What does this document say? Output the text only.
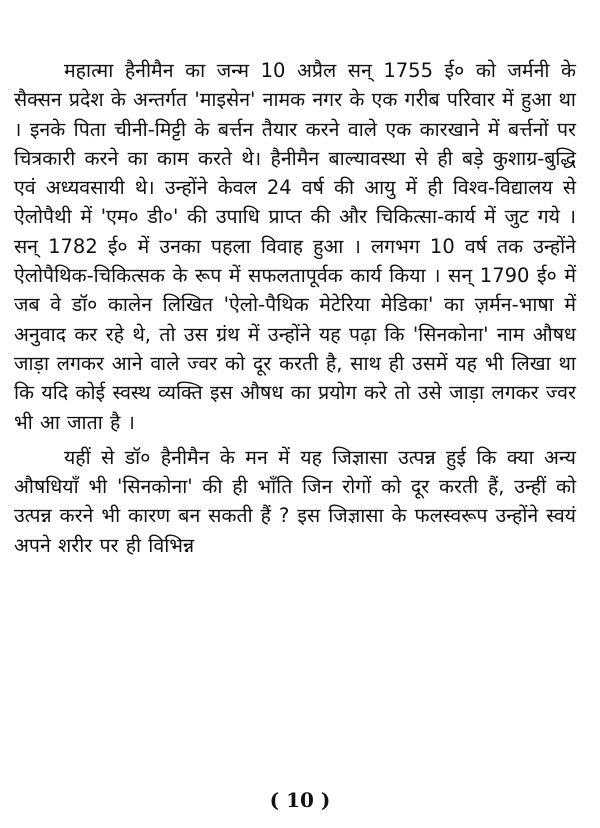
महात्मा हैनीमैन का जन्म 10 अप्रैल सन् 1755 ई० को जर्मनी के सैक्सन प्रदेश के अन्तर्गत 'माइसेन' नामक नगर के एक गरीब परिवार में हुआ था । इनके पिता चीनी-मिट्टी के बर्त्तन तैयार करने वाले एक कारखाने में बर्त्तनों पर चित्रकारी करने का काम करते थे। हैनीमैन बाल्यावस्था से ही बड़े कुशाग्र-बुद्धि एवं अध्यवसायी थे। उन्होंने केवल 24 वर्ष की आयु में ही विश्व-विद्यालय से ऐलोपैथी में 'एम० डी०' की उपाधि प्राप्त की और चिकित्सा-कार्य में जुट गये । सन् 1782 ई० में उनका पहला विवाह हुआ । लगभग 10 वर्ष तक उन्होंने ऐलोपैथिक-चिकित्सक के रूप में सफलतापूर्वक कार्य किया । सन् 1790 ई० में जब वे डॉ० कालेन लिखित 'ऐलो-पैथिक मेटेरिया मेडिका' का ज़र्मन-भाषा में अनुवाद कर रहे थे, तो उस ग्रंथ में उन्होंने यह पढ़ा कि 'सिनकोना' नाम औषध जाड़ा लगकर आने वाले ज्वर को दूर करती है, साथ ही उसमें यह भी लिखा था कि यदि कोई स्वस्थ व्यक्ति इस औषध का प्रयोग करे तो उसे जाड़ा लगकर ज्वर भी आ जाता है ।

यहीं से डॉ० हैनीमैन के मन में यह जिज्ञासा उत्पन्न हुई कि क्या अन्य औषधियाँ भी 'सिनकोना' की ही भाँति जिन रोगों को दूर करती हैं, उन्हीं को उत्पन्न करने भी कारण बन सकती हैं ? इस जिज्ञासा के फलस्वरूप उन्होंने स्वयं अपने शरीर पर ही विभिन्न

( 10 )
